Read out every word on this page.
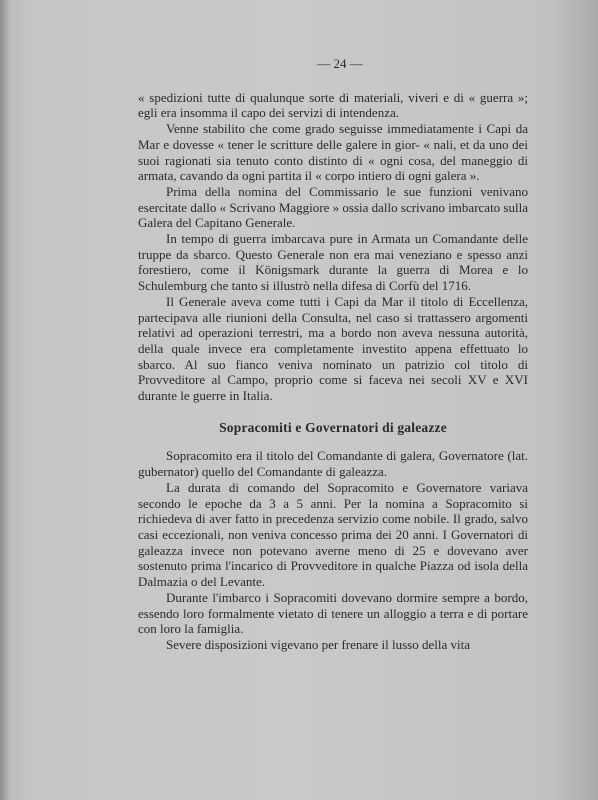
— 24 —

« spedizioni tutte di qualunque sorte di materiali, viveri e di « guerra »; egli era insomma il capo dei servizi di intendenza.

Venne stabilito che come grado seguisse immediatamente i Capi da Mar e dovesse « tener le scritture delle galere in gior- « nali, et da uno dei suoi ragionati sia tenuto conto distinto di « ogni cosa, del maneggio di armata, cavando da ogni partita il « corpo intiero di ogni galera ».

Prima della nomina del Commissario le sue funzioni venivano esercitate dallo « Scrivano Maggiore » ossia dallo scrivano imbarcato sulla Galera del Capitano Generale.

In tempo di guerra imbarcava pure in Armata un Comandante delle truppe da sbarco. Questo Generale non era mai veneziano e spesso anzi forestiero, come il Königsmark durante la guerra di Morea e lo Schulemburg che tanto si illustrò nella difesa di Corfù del 1716.

Il Generale aveva come tutti i Capi da Mar il titolo di Eccellenza, partecipava alle riunioni della Consulta, nel caso si trattassero argomenti relativi ad operazioni terrestri, ma a bordo non aveva nessuna autorità, della quale invece era completamente investito appena effettuato lo sbarco. Al suo fianco veniva nominato un patrizio col titolo di Provveditore al Campo, proprio come si faceva nei secoli XV e XVI durante le guerre in Italia.

Sopracomiti e Governatori di galeazze

Sopracomito era il titolo del Comandante di galera, Governatore (lat. gubernator) quello del Comandante di galeazza.

La durata di comando del Sopracomito e Governatore variava secondo le epoche da 3 a 5 anni. Per la nomina a Sopracomito si richiedeva di aver fatto in precedenza servizio come nobile. Il grado, salvo casi eccezionali, non veniva concesso prima dei 20 anni. I Governatori di galeazza invece non potevano averne meno di 25 e dovevano aver sostenuto prima l'incarico di Provveditore in qualche Piazza od isola della Dalmazia o del Levante.

Durante l'imbarco i Sopracomiti dovevano dormire sempre a bordo, essendo loro formalmente vietato di tenere un alloggio a terra e di portare con loro la famiglia.

Severe disposizioni vigevano per frenare il lusso della vita
